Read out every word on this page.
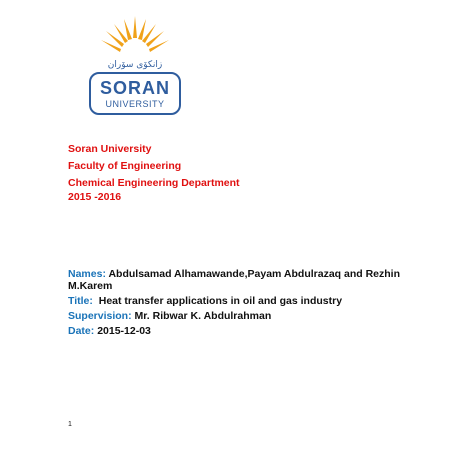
زانكۆی سۆران
SORAN
UNIVERSITY
Soran University
Faculty of Engineering
Chemical Engineering Department
2015 -2016

Names: Abdulsamad Alhamawande,Payam Abdulrazaq and Rezhin M.Karem

Title: Heat transfer applications in oil and gas industry

Supervision: Mr. Ribwar K. Abdulrahman

Date: 2015-12-03

1
